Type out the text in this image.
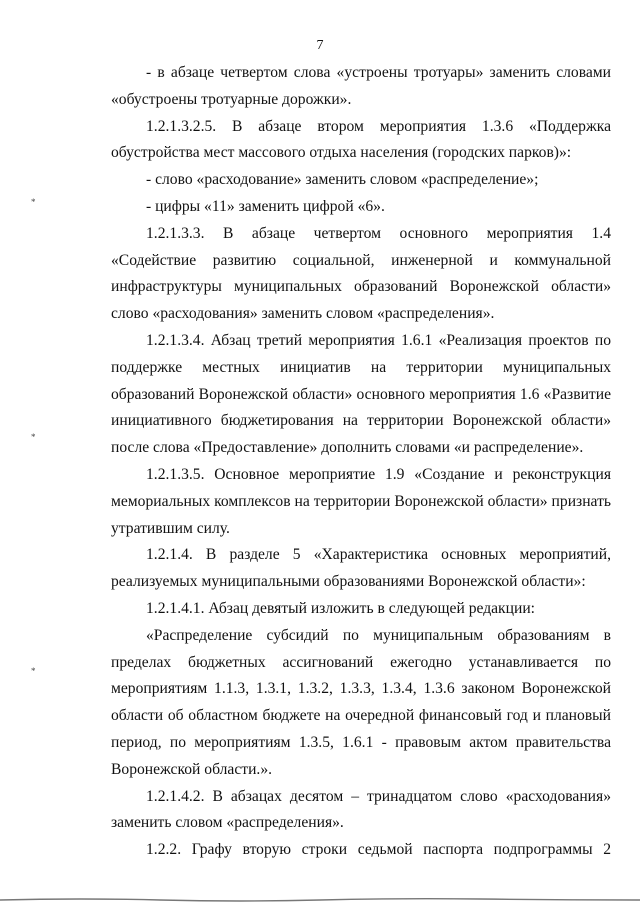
7
*
*
*

- в абзаце четвертом слова «устроены тротуары» заменить словами «обустроены тротуарные дорожки».

1.2.1.3.2.5. В абзаце втором мероприятия 1.3.6 «Поддержка обустройства мест массового отдыха населения (городских парков)»:

- слово «расходование» заменить словом «распределение»;

- цифры «11» заменить цифрой «6».

1.2.1.3.3. В абзаце четвертом основного мероприятия 1.4 «Содействие развитию социальной, инженерной и коммунальной инфраструктуры муниципальных образований Воронежской области» слово «расходования» заменить словом «распределения».

1.2.1.3.4. Абзац третий мероприятия 1.6.1 «Реализация проектов по поддержке местных инициатив на территории муниципальных образований Воронежской области» основного мероприятия 1.6 «Развитие инициативного бюджетирования на территории Воронежской области» после слова «Предоставление» дополнить словами «и распределение».

1.2.1.3.5. Основное мероприятие 1.9 «Создание и реконструкция мемориальных комплексов на территории Воронежской области» признать утратившим силу.

1.2.1.4. В разделе 5 «Характеристика основных мероприятий, реализуемых муниципальными образованиями Воронежской области»:

1.2.1.4.1. Абзац девятый изложить в следующей редакции:

«Распределение субсидий по муниципальным образованиям в пределах бюджетных ассигнований ежегодно устанавливается по мероприятиям 1.1.3, 1.3.1, 1.3.2, 1.3.3, 1.3.4, 1.3.6 законом Воронежской области об областном бюджете на очередной финансовый год и плановый период, по мероприятиям 1.3.5, 1.6.1 - правовым актом правительства Воронежской области.».

1.2.1.4.2. В абзацах десятом – тринадцатом слово «расходования» заменить словом «распределения».

1.2.2. Графу вторую строки седьмой паспорта подпрограммы 2
